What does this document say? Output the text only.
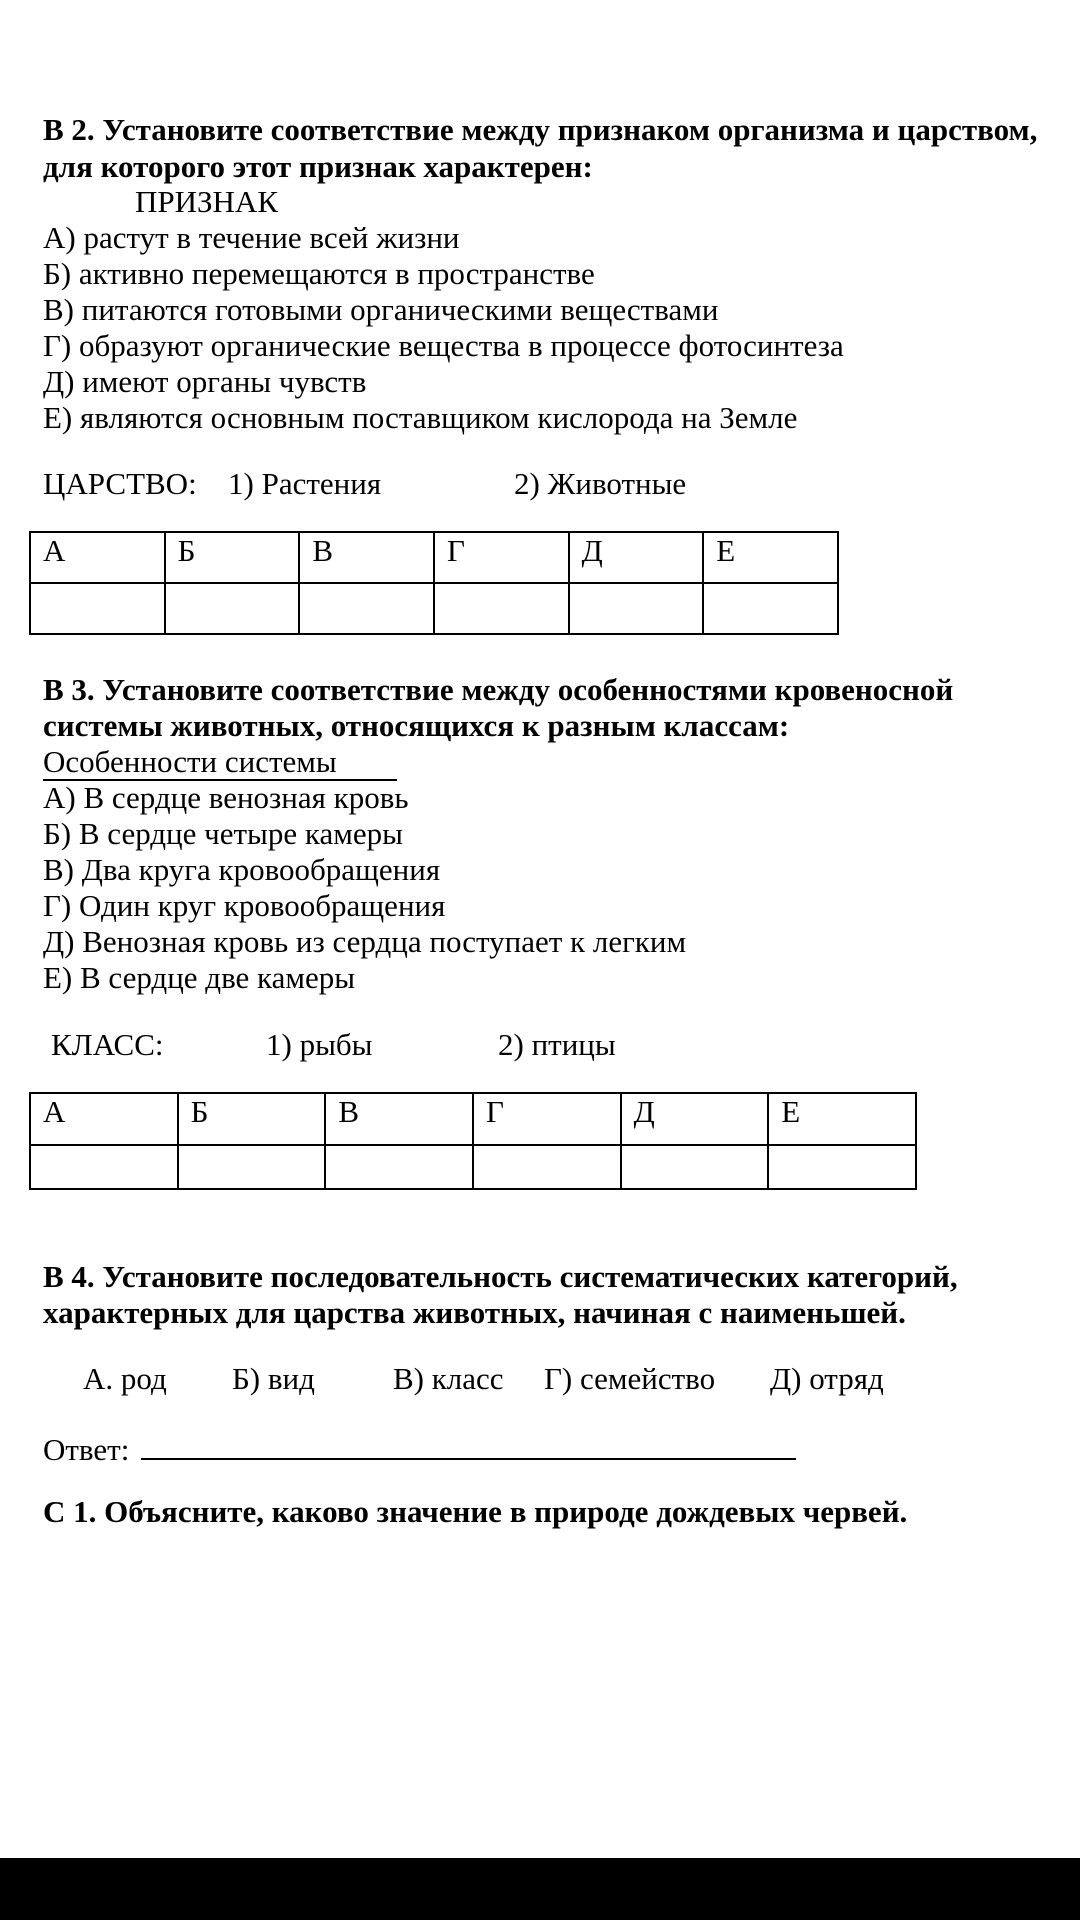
В 2. Установите соответствие между признаком организма и царством,
для которого этот признак характерен:
ПРИЗНАК
А) растут в течение всей жизни
Б) активно перемещаются в пространстве
В) питаются готовыми органическими веществами
Г) образуют органические вещества в процессе фотосинтеза
Д) имеют органы чувств
Е) являются основным поставщиком кислорода на Земле
ЦАРСТВО: 1) Растения	2) Животные
А	Б	В	Г	Д	Е

В 3. Установите соответствие между особенностями кровеносной
системы животных, относящихся к разным классам:
Особенности системы
А) В сердце венозная кровь
Б) В сердце четыре камеры
В) Два круга кровообращения
Г) Один круг кровообращения
Д) Венозная кровь из сердца поступает к легким
Е) В сердце две камеры
КЛАСС:	1) рыбы	2) птицы
А	Б	В	Г	Д	Е

В 4. Установите последовательность систематических категорий,
характерных для царства животных, начиная с наименьшей.
А. род Б) вид	В) класс Г) семейство Д) отряд
Ответ:
С 1. Объясните, каково значение в природе дождевых червей.
